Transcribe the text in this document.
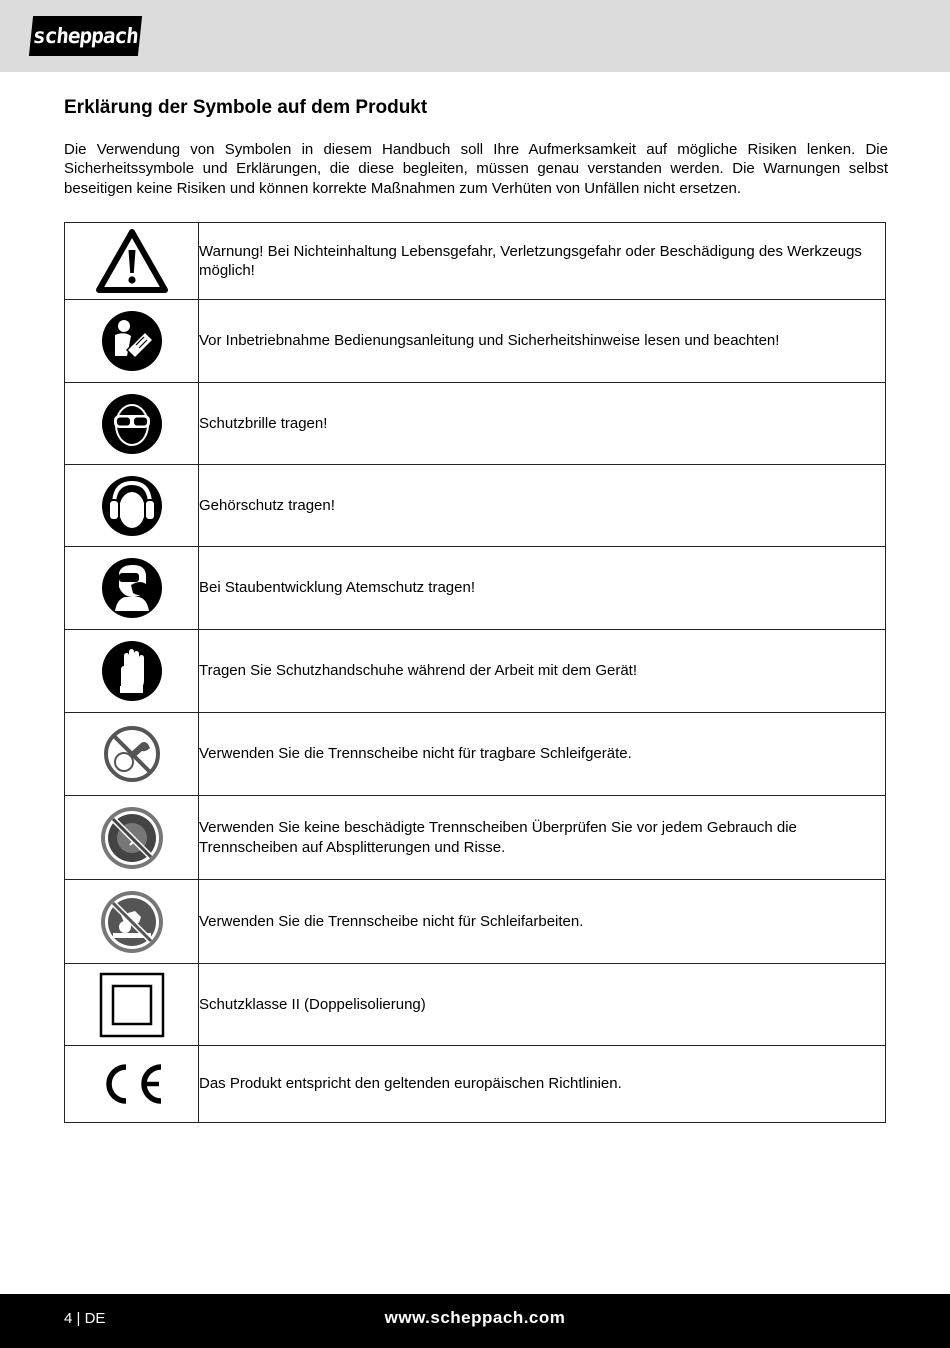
scheppach
Erklärung der Symbole auf dem Produkt

Die Verwendung von Symbolen in diesem Handbuch soll Ihre Aufmerksamkeit auf mögliche Risiken lenken. Die Sicherheitssymbole und Erklärungen, die diese begleiten, müssen genau verstanden werden. Die Warnungen selbst beseitigen keine Risiken und können korrekte Maßnahmen zum Verhüten von Unfällen nicht ersetzen.

	Warnung! Bei Nichteinhaltung Lebensgefahr, Verletzungsgefahr oder Beschädigung des Werkzeugs möglich!

	Vor Inbetriebnahme Bedienungsanleitung und Sicherheitshinweise lesen und beachten!

	Schutzbrille tragen!

	Gehörschutz tragen!

	Bei Staubentwicklung Atemschutz tragen!

	Tragen Sie Schutzhandschuhe während der Arbeit mit dem Gerät!

	Verwenden Sie die Trennscheibe nicht für tragbare Schleifgeräte.

	Verwenden Sie keine beschädigte Trennscheiben Überprüfen Sie vor jedem Gebrauch die Trennscheiben auf Absplitterungen und Risse.

	Verwenden Sie die Trennscheibe nicht für Schleifarbeiten.

	Schutzklasse II (Doppelisolierung)

	Das Produkt entspricht den geltenden europäischen Richtlinien.
4 | DE	www.scheppach.com
